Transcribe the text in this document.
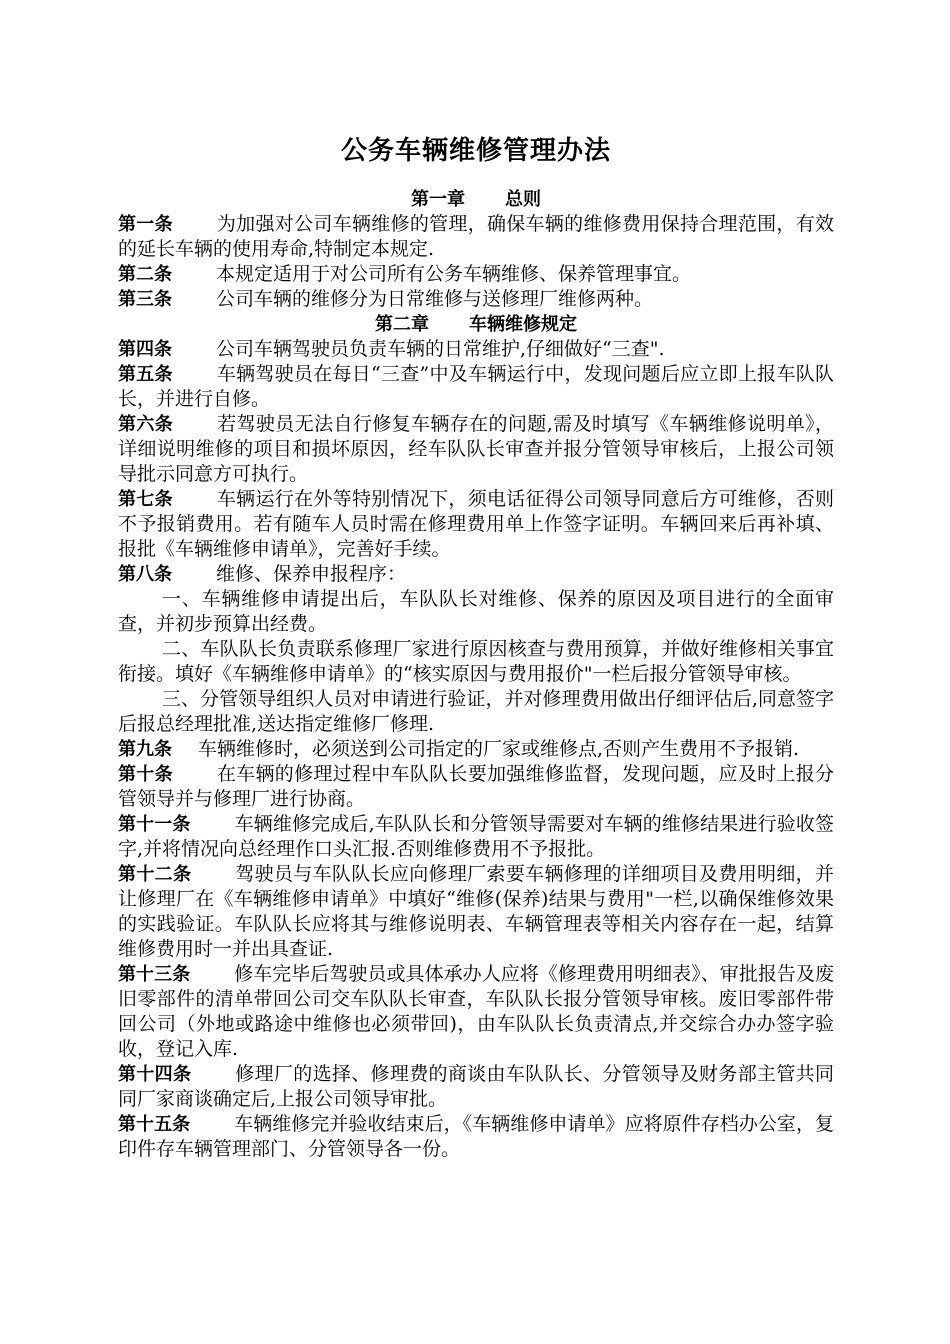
公务车辆维修管理办法

第一章 总则

第一条 为加强对公司车辆维修的管理，确保车辆的维修费用保持合理范围，有效的延长车辆的使用寿命,特制定本规定.

第二条 本规定适用于对公司所有公务车辆维修、保养管理事宜。

第三条 公司车辆的维修分为日常维修与送修理厂维修两种。

第二章 车辆维修规定

第四条 公司车辆驾驶员负责车辆的日常维护,仔细做好“三查".

第五条 车辆驾驶员在每日“三查”中及车辆运行中，发现问题后应立即上报车队队长，并进行自修。

第六条 若驾驶员无法自行修复车辆存在的问题,需及时填写《车辆维修说明单》，详细说明维修的项目和损坏原因，经车队队长审查并报分管领导审核后，上报公司领导批示同意方可执行。

第七条 车辆运行在外等特别情况下，须电话征得公司领导同意后方可维修，否则不予报销费用。若有随车人员时需在修理费用单上作签字证明。车辆回来后再补填、报批《车辆维修申请单》，完善好手续。

第八条 维修、保养申报程序：

一、车辆维修申请提出后，车队队长对维修、保养的原因及项目进行的全面审查，并初步预算出经费。

二、车队队长负责联系修理厂家进行原因核查与费用预算，并做好维修相关事宜衔接。填好《车辆维修申请单》的“核实原因与费用报价"一栏后报分管领导审核。

三、分管领导组织人员对申请进行验证，并对修理费用做出仔细评估后,同意签字后报总经理批准,送达指定维修厂修理.

第九条 车辆维修时，必须送到公司指定的厂家或维修点,否则产生费用不予报销.

第十条 在车辆的修理过程中车队队长要加强维修监督，发现问题，应及时上报分管领导并与修理厂进行协商。

第十一条 车辆维修完成后,车队队长和分管领导需要对车辆的维修结果进行验收签字,并将情况向总经理作口头汇报.否则维修费用不予报批。

第十二条 驾驶员与车队队长应向修理厂索要车辆修理的详细项目及费用明细，并让修理厂在《车辆维修申请单》中填好“维修(保养)结果与费用"一栏,以确保维修效果的实践验证。车队队长应将其与维修说明表、车辆管理表等相关内容存在一起，结算维修费用时一并出具查证.

第十三条 修车完毕后驾驶员或具体承办人应将《修理费用明细表》、审批报告及废旧零部件的清单带回公司交车队队长审查，车队队长报分管领导审核。废旧零部件带回公司（外地或路途中维修也必须带回)，由车队队长负责清点,并交综合办办签字验收，登记入库.

第十四条 修理厂的选择、修理费的商谈由车队队长、分管领导及财务部主管共同同厂家商谈确定后,上报公司领导审批。

第十五条 车辆维修完并验收结束后，《车辆维修申请单》应将原件存档办公室，复印件存车辆管理部门、分管领导各一份。
